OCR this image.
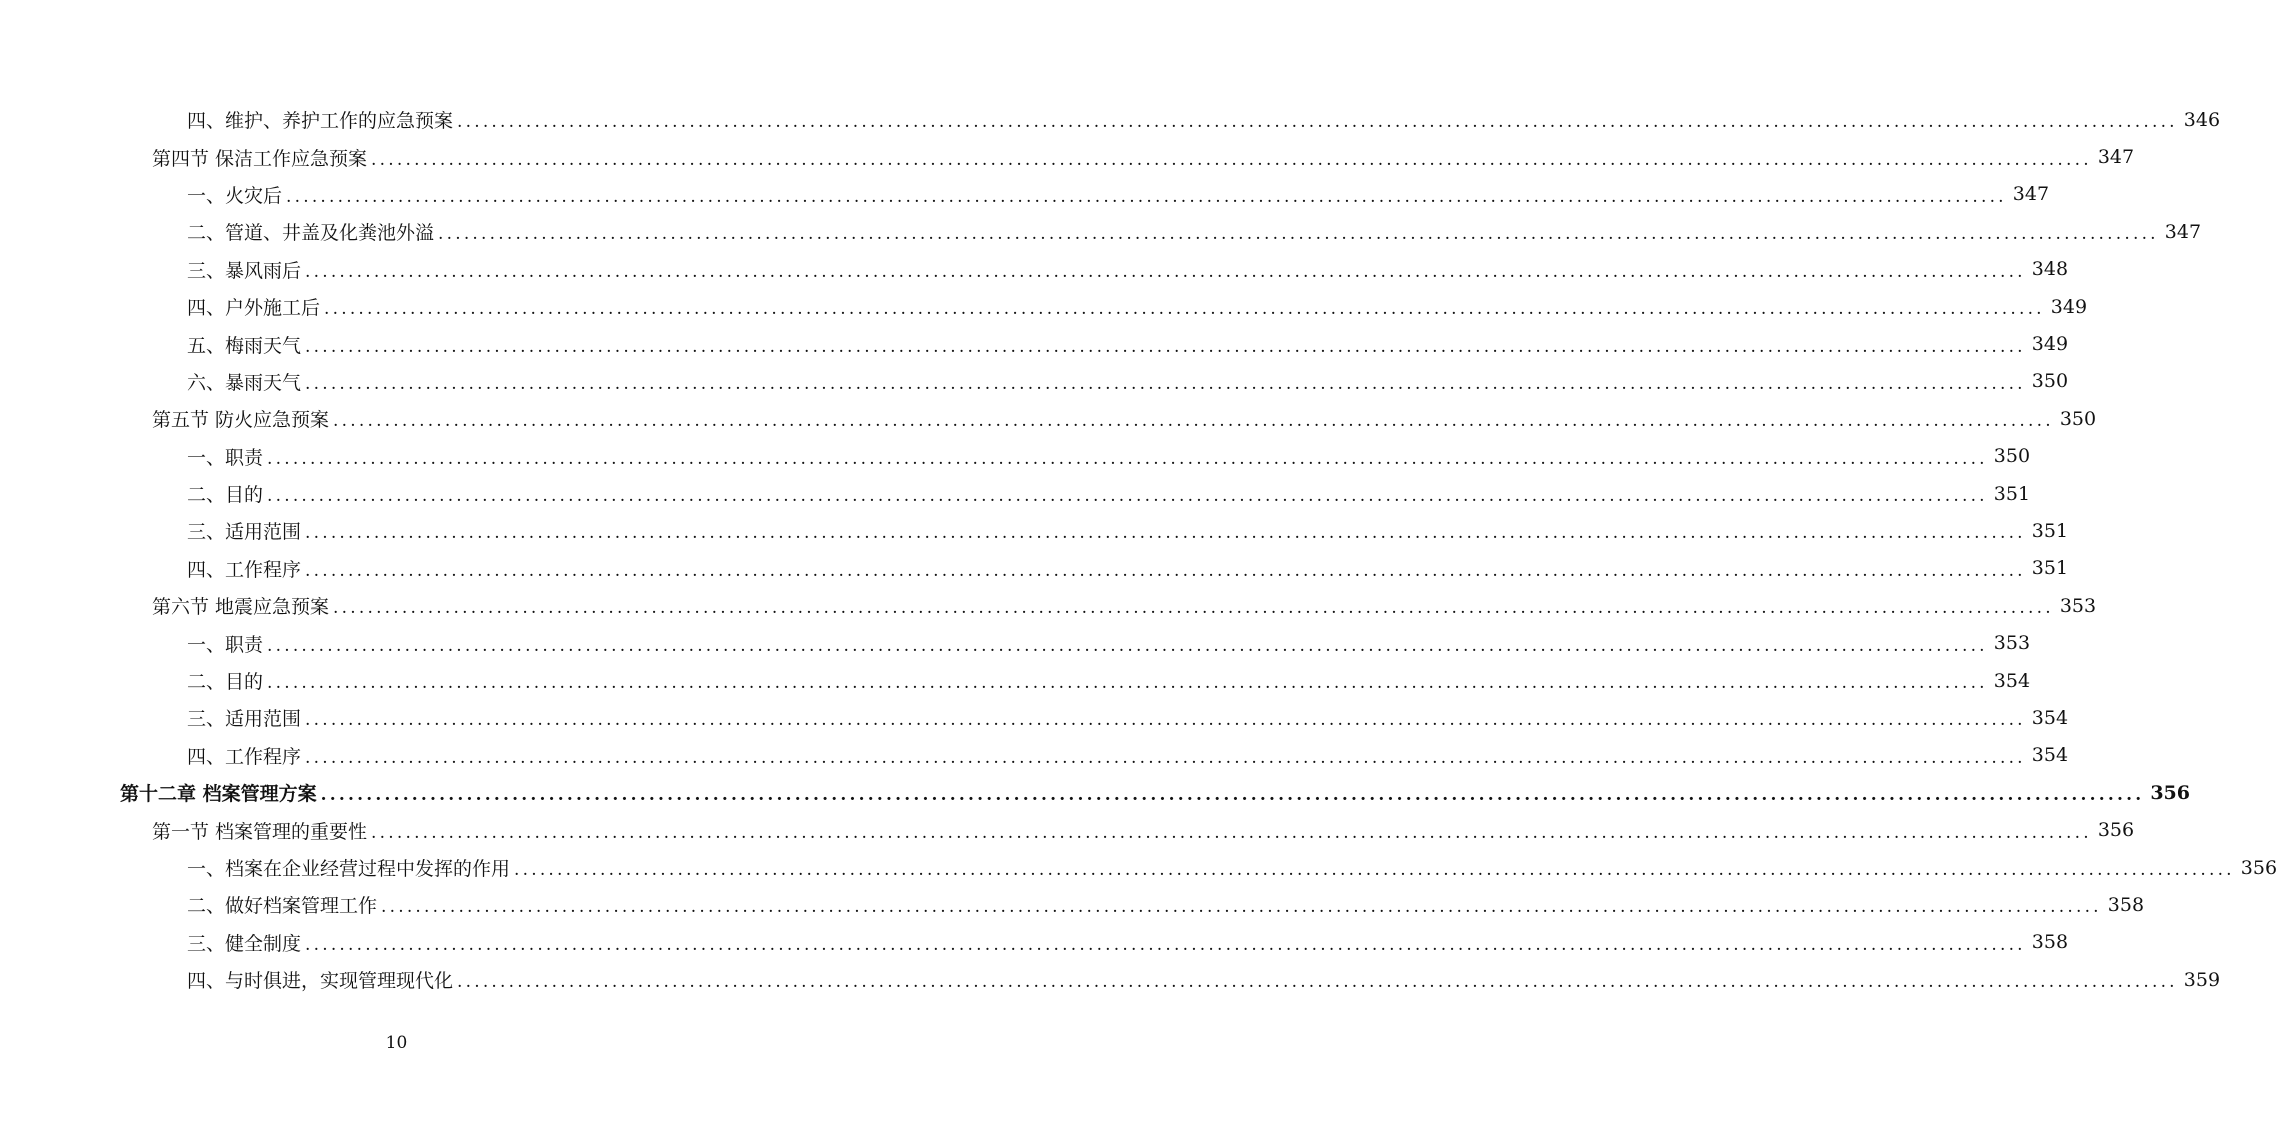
四、维护、养护工作的应急预案 ........................................................................................................................................................................................................ 346
第四节 保洁工作应急预案 ........................................................................................................................................................................................................ 347
一、火灾后 ........................................................................................................................................................................................................ 347
二、管道、井盖及化粪池外溢 ........................................................................................................................................................................................................ 347
三、暴风雨后 ........................................................................................................................................................................................................ 348
四、户外施工后 ........................................................................................................................................................................................................ 349
五、梅雨天气 ........................................................................................................................................................................................................ 349
六、暴雨天气 ........................................................................................................................................................................................................ 350
第五节 防火应急预案 ........................................................................................................................................................................................................ 350
一、职责 ........................................................................................................................................................................................................ 350
二、目的 ........................................................................................................................................................................................................ 351
三、适用范围 ........................................................................................................................................................................................................ 351
四、工作程序 ........................................................................................................................................................................................................ 351
第六节 地震应急预案 ........................................................................................................................................................................................................ 353
一、职责 ........................................................................................................................................................................................................ 353
二、目的 ........................................................................................................................................................................................................ 354
三、适用范围 ........................................................................................................................................................................................................ 354
四、工作程序 ........................................................................................................................................................................................................ 354
第十二章 档案管理方案 ........................................................................................................................................................................................................ 356
第一节 档案管理的重要性 ........................................................................................................................................................................................................ 356
一、档案在企业经营过程中发挥的作用 ........................................................................................................................................................................................................ 356
二、做好档案管理工作 ........................................................................................................................................................................................................ 358
三、健全制度 ........................................................................................................................................................................................................ 358
四、与时俱进，实现管理现代化 ........................................................................................................................................................................................................ 359
10
